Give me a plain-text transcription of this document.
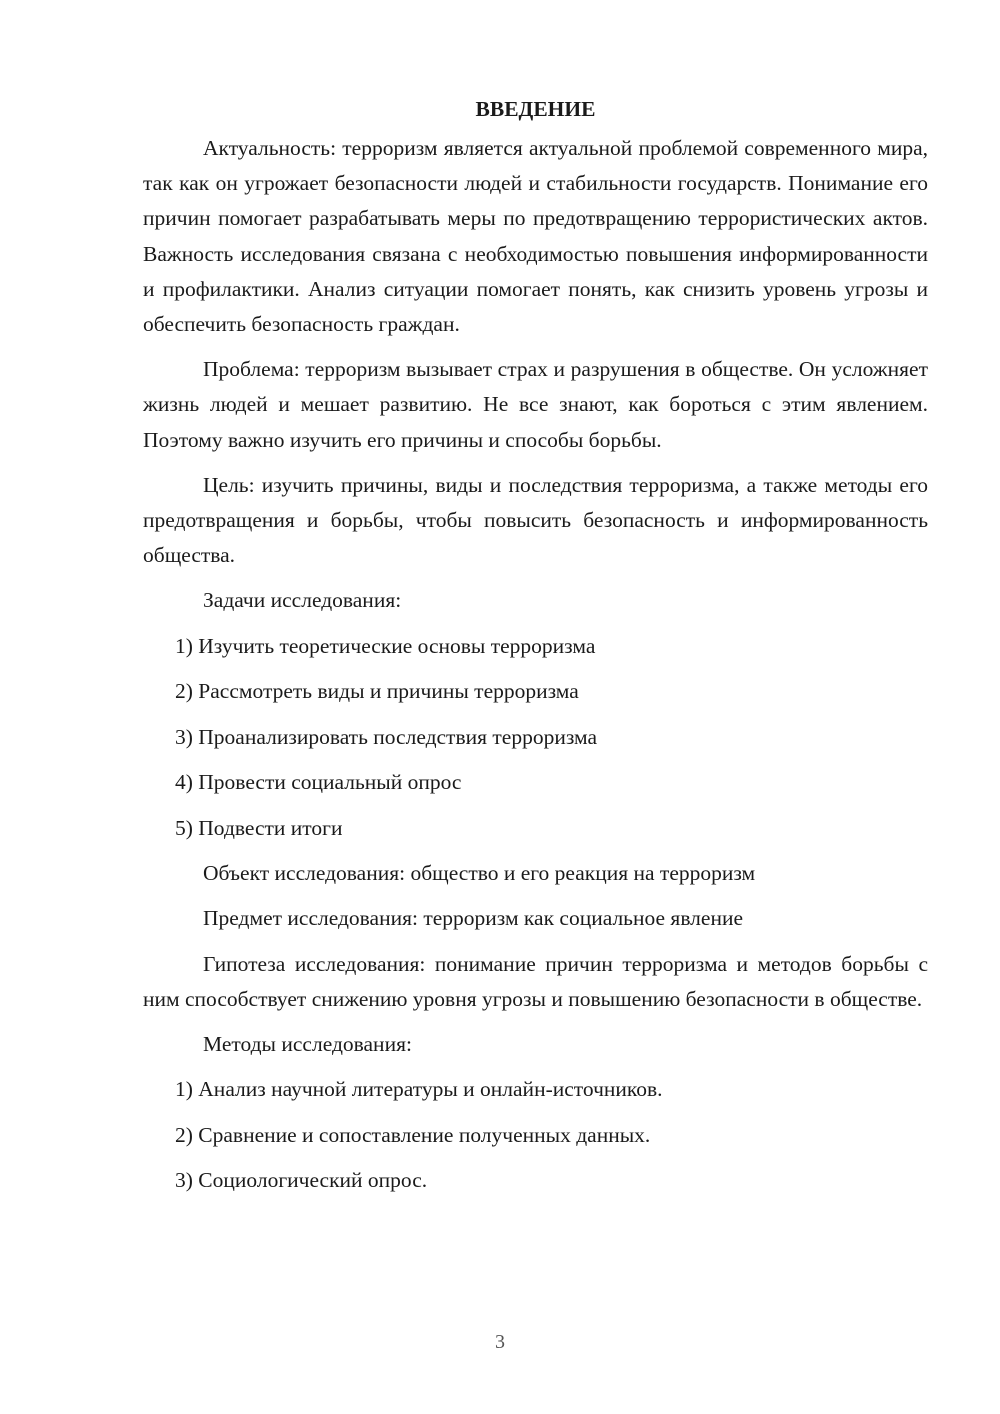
ВВЕДЕНИЕ

Актуальность: терроризм является актуальной проблемой современного мира, так как он угрожает безопасности людей и стабильности государств. Понимание его причин помогает разрабатывать меры по предотвращению террористических актов. Важность исследования связана с необходимостью повышения информированности и профилактики. Анализ ситуации помогает понять, как снизить уровень угрозы и обеспечить безопасность граждан.

Проблема: терроризм вызывает страх и разрушения в обществе. Он усложняет жизнь людей и мешает развитию. Не все знают, как бороться с этим явлением. Поэтому важно изучить его причины и способы борьбы.

Цель: изучить причины, виды и последствия терроризма, а также методы его предотвращения и борьбы, чтобы повысить безопасность и информированность общества.

Задачи исследования:

1) Изучить теоретические основы терроризма
2) Рассмотреть виды и причины терроризма
3) Проанализировать последствия терроризма
4) Провести социальный опрос
5) Подвести итоги

Объект исследования: общество и его реакция на терроризм

Предмет исследования: терроризм как социальное явление

Гипотеза исследования: понимание причин терроризма и методов борьбы с ним способствует снижению уровня угрозы и повышению безопасности в обществе.

Методы исследования:

1) Анализ научной литературы и онлайн-источников.
2) Сравнение и сопоставление полученных данных.
3) Социологический опрос.
3
